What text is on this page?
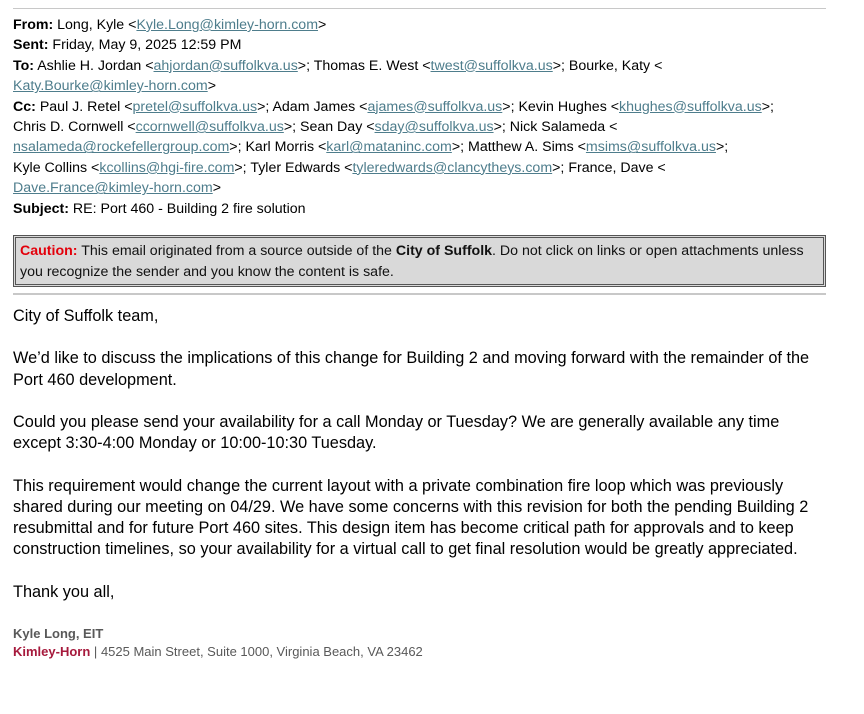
From: Long, Kyle <Kyle.Long@kimley-horn.com>
Sent: Friday, May 9, 2025 12:59 PM
To: Ashlie H. Jordan <ahjordan@suffolkva.us>; Thomas E. West <twest@suffolkva.us>; Bourke, Katy <
Katy.Bourke@kimley-horn.com>
Cc: Paul J. Retel <pretel@suffolkva.us>; Adam James <ajames@suffolkva.us>; Kevin Hughes <khughes@suffolkva.us>;
Chris D. Cornwell <ccornwell@suffolkva.us>; Sean Day <sday@suffolkva.us>; Nick Salameda <
nsalameda@rockefellergroup.com>; Karl Morris <karl@mataninc.com>; Matthew A. Sims <msims@suffolkva.us>;
Kyle Collins <kcollins@hgi-fire.com>; Tyler Edwards <tyleredwards@clancytheys.com>; France, Dave <
Dave.France@kimley-horn.com>
Subject: RE: Port 460 - Building 2 fire solution
Caution: This email originated from a source outside of the City of Suffolk. Do not click on links or open attachments unless you recognize the sender and you know the content is safe.

City of Suffolk team,

We’d like to discuss the implications of this change for Building 2 and moving forward with the remainder of the Port 460 development.

Could you please send your availability for a call Monday or Tuesday? We are generally available any time except 3:30-4:00 Monday or 10:00-10:30 Tuesday.

This requirement would change the current layout with a private combination fire loop which was previously shared during our meeting on 04/29. We have some concerns with this revision for both the pending Building 2 resubmittal and for future Port 460 sites. This design item has become critical path for approvals and to keep construction timelines, so your availability for a virtual call to get final resolution would be greatly appreciated.

Thank you all,

Kyle Long, EIT
Kimley-Horn | 4525 Main Street, Suite 1000, Virginia Beach, VA 23462
